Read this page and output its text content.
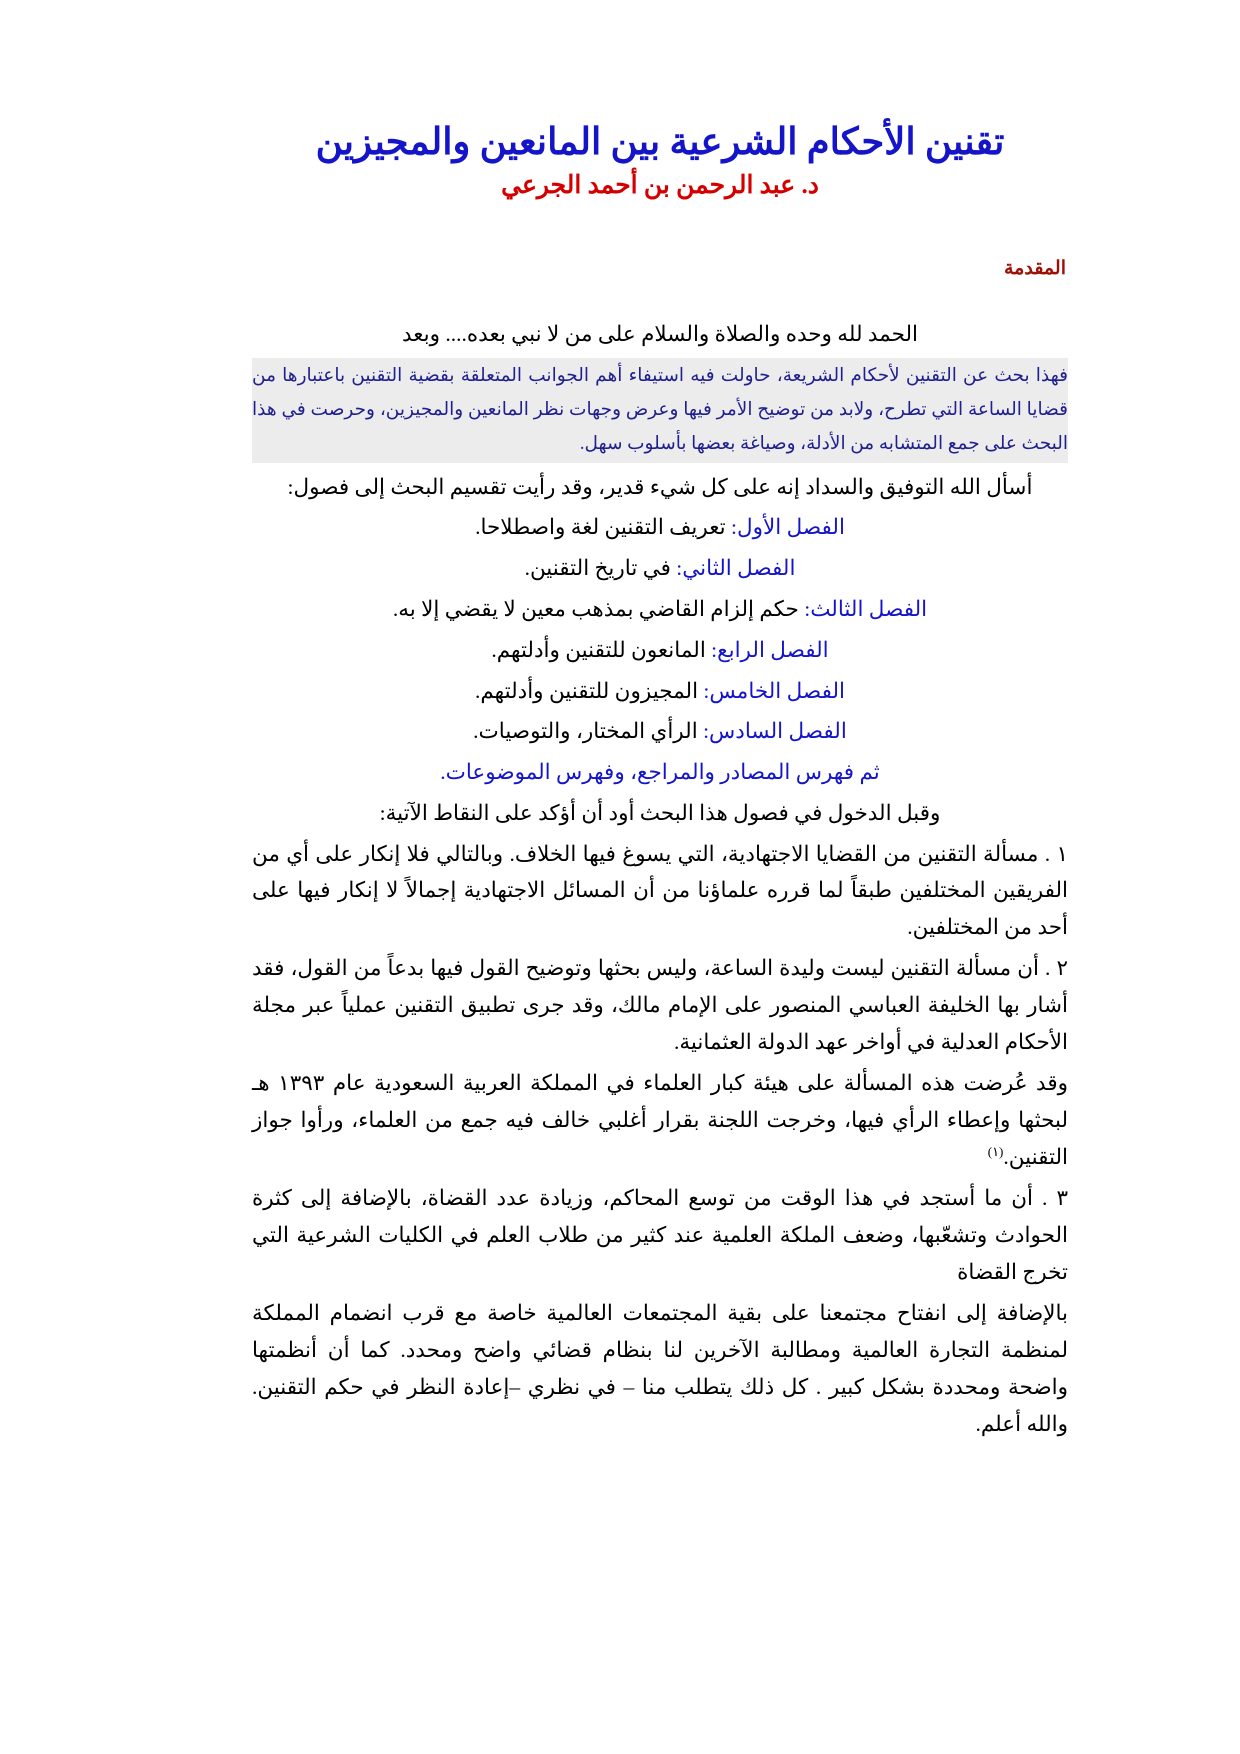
تقنين الأحكام الشرعية بين المانعين والمجيزين
د. عبد الرحمن بن أحمد الجرعي
المقدمة

الحمد لله وحده والصلاة والسلام على من لا نبي بعده.... وبعد

فهذا بحث عن التقنين لأحكام الشريعة، حاولت فيه استيفاء أهم الجوانب المتعلقة بقضية التقنين باعتبارها من قضايا الساعة التي تطرح، ولابد من توضيح الأمر فيها وعرض وجهات نظر المانعين والمجيزين، وحرصت في هذا البحث على جمع المتشابه من الأدلة، وصياغة بعضها بأسلوب سهل.

أسأل الله التوفيق والسداد إنه على كل شيء قدير، وقد رأيت تقسيم البحث إلى فصول:

الفصل الأول: تعريف التقنين لغة واصطلاحا.

الفصل الثاني: في تاريخ التقنين.

الفصل الثالث: حكم إلزام القاضي بمذهب معين لا يقضي إلا به.

الفصل الرابع: المانعون للتقنين وأدلتهم.

الفصل الخامس: المجيزون للتقنين وأدلتهم.

الفصل السادس: الرأي المختار، والتوصيات.

ثم فهرس المصادر والمراجع، وفهرس الموضوعات.

وقبل الدخول في فصول هذا البحث أود أن أؤكد على النقاط الآتية:

١ . مسألة التقنين من القضايا الاجتهادية، التي يسوغ فيها الخلاف. وبالتالي فلا إنكار على أي من الفريقين المختلفين طبقاً لما قرره علماؤنا من أن المسائل الاجتهادية إجمالاً لا إنكار فيها على أحد من المختلفين.

٢ . أن مسألة التقنين ليست وليدة الساعة، وليس بحثها وتوضيح القول فيها بدعاً من القول، فقد أشار بها الخليفة العباسي المنصور على الإمام مالك، وقد جرى تطبيق التقنين عملياً عبر مجلة الأحكام العدلية في أواخر عهد الدولة العثمانية.

وقد عُرضت هذه المسألة على هيئة كبار العلماء في المملكة العربية السعودية عام ١٣٩٣ هـ لبحثها وإعطاء الرأي فيها، وخرجت اللجنة بقرار أغلبي خالف فيه جمع من العلماء، ورأوا جواز التقنين.$^{(١)}$

٣ . أن ما أستجد في هذا الوقت من توسع المحاكم، وزيادة عدد القضاة، بالإضافة إلى كثرة الحوادث وتشعّبها، وضعف الملكة العلمية عند كثير من طلاب العلم في الكليات الشرعية التي تخرج القضاة

بالإضافة إلى انفتاح مجتمعنا على بقية المجتمعات العالمية خاصة مع قرب انضمام المملكة لمنظمة التجارة العالمية ومطالبة الآخرين لنا بنظام قضائي واضح ومحدد. كما أن أنظمتها واضحة ومحددة بشكل كبير . كل ذلك يتطلب منا – في نظري –إعادة النظر في حكم التقنين. والله أعلم.
